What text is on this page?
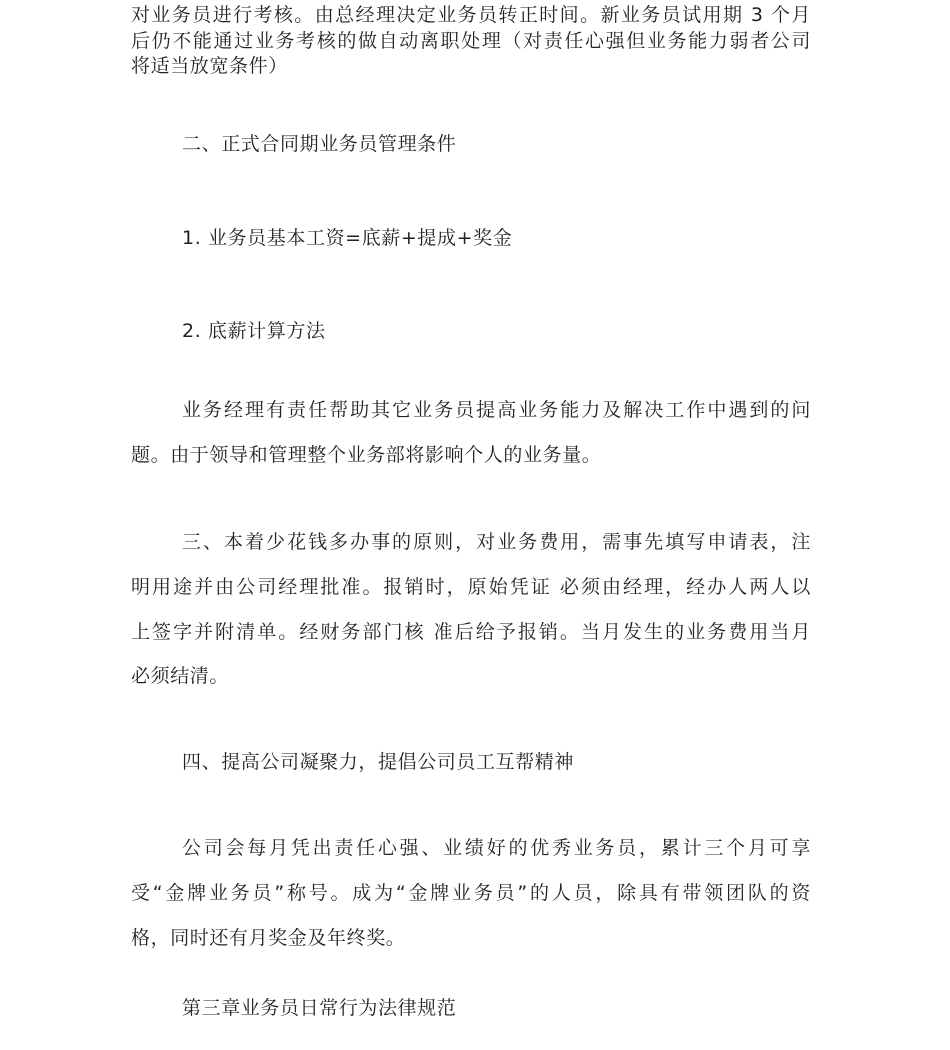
对业务员进行考核。由总经理决定业务员转正时间。新业务员试用期 3 个月
后仍不能通过业务考核的做自动离职处理（对责任心强但业务能力弱者公司
将适当放宽条件）
二、正式合同期业务员管理条件
1. 业务员基本工资=底薪+提成+奖金
2. 底薪计算方法
业务经理有责任帮助其它业务员提高业务能力及解决工作中遇到的问
题。由于领导和管理整个业务部将影响个人的业务量。
三、本着少花钱多办事的原则，对业务费用，需事先填写申请表，注
明用途并由公司经理批准。报销时，原始凭证 必须由经理，经办人两人以
上签字并附清单。经财务部门核 准后给予报销。当月发生的业务费用当月
必须结清。
四、提高公司凝聚力，提倡公司员工互帮精神
公司会每月凭出责任心强、业绩好的优秀业务员，累计三个月可享
受“金牌业务员”称号。成为“金牌业务员”的人员，除具有带领团队的资
格，同时还有月奖金及年终奖。
第三章业务员日常行为法律规范
